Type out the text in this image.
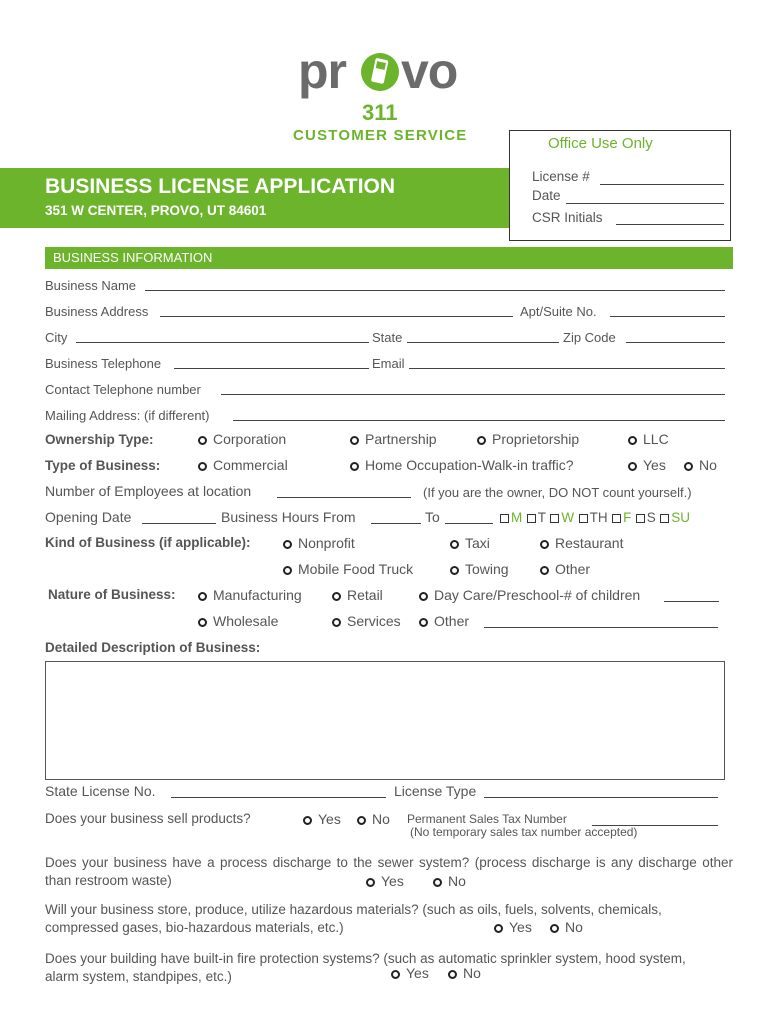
pr vo
311
CUSTOMER SERVICE	Office Use Only
License #
Date
CSR Initials
BUSINESS LICENSE APPLICATION
351 W CENTER, PROVO, UT 84601
BUSINESS INFORMATION
Business Name
Business Address	Apt/Suite No.
City	State	Zip Code
Business Telephone	Email
Contact Telephone number
Mailing Address: (if different)
Ownership Type:	Corporation	Partnership	Proprietorship	LLC
Type of Business:	Commercial	Home Occupation-Walk-in traffic?	Yes	No
Number of Employees at location	(If you are the owner, DO NOT count yourself.)
Opening Date	Business Hours From	To	M T W TH F S SU
Kind of Business (if applicable):	Nonprofit	Taxi	Restaurant
Mobile Food Truck	Towing	Other
Nature of Business:	Manufacturing	Retail	Day Care/Preschool-# of children
Wholesale	Services	Other
Detailed Description of Business:
State License No.	License Type
Does your business sell products?	Yes	No Permanent Sales Tax Number
(No temporary sales tax number accepted)
Does your business have a process discharge to the sewer system? (process discharge is any discharge other than restroom waste)	Yes	No
Will your business store, produce, utilize hazardous materials? (such as oils, fuels, solvents, chemicals, compressed gases, bio-hazardous materials, etc.)	Yes	No
Does your building have built-in fire protection systems? (such as automatic sprinkler system, hood system, alarm system, standpipes, etc.)	Yes	No
